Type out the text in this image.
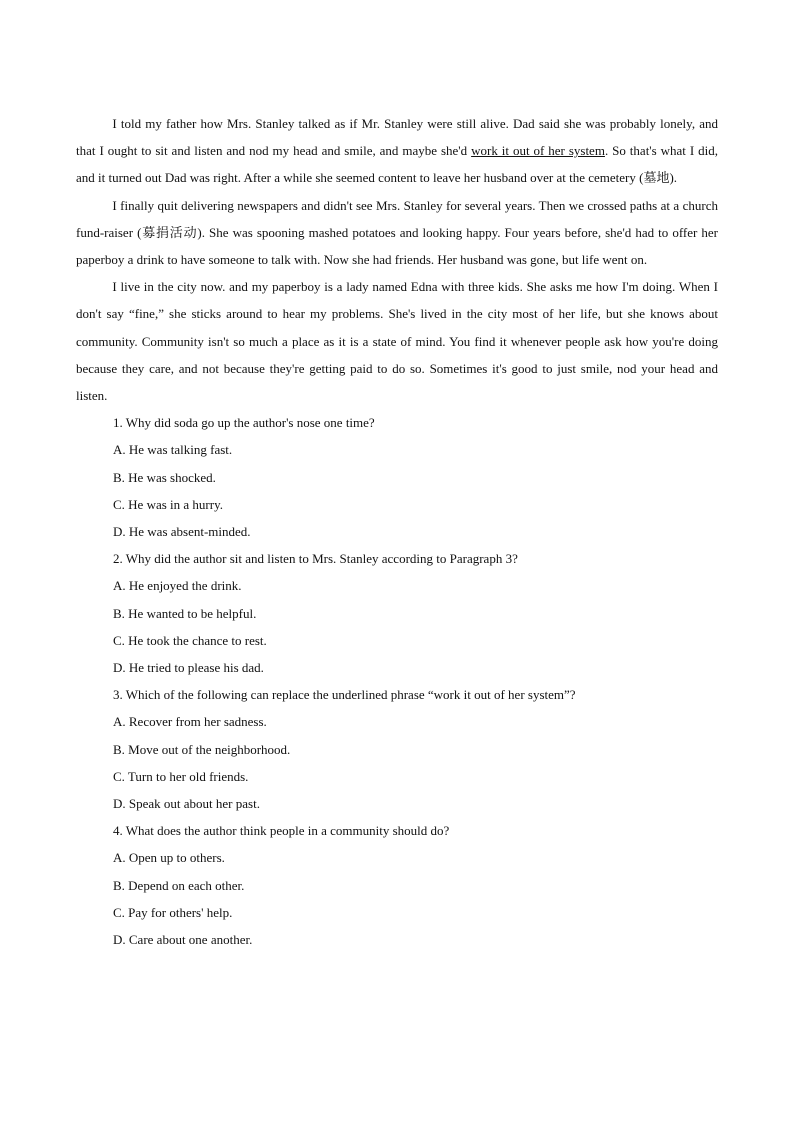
I told my father how Mrs. Stanley talked as if Mr. Stanley were still alive. Dad said she was probably lonely, and that I ought to sit and listen and nod my head and smile, and maybe she'd work it out of her system. So that's what I did, and it turned out Dad was right. After a while she seemed content to leave her husband over at the cemetery (墓地).

I finally quit delivering newspapers and didn't see Mrs. Stanley for several years. Then we crossed paths at a church fund-raiser (募捐活动). She was spooning mashed potatoes and looking happy. Four years before, she'd had to offer her paperboy a drink to have someone to talk with. Now she had friends. Her husband was gone, but life went on.

I live in the city now. and my paperboy is a lady named Edna with three kids. She asks me how I'm doing. When I don't say “fine,” she sticks around to hear my problems. She's lived in the city most of her life, but she knows about community. Community isn't so much a place as it is a state of mind. You find it whenever people ask how you're doing because they care, and not because they're getting paid to do so. Sometimes it's good to just smile, nod your head and listen.

1. Why did soda go up the author's nose one time?

A. He was talking fast.

B. He was shocked.

C. He was in a hurry.

D. He was absent-minded.

2. Why did the author sit and listen to Mrs. Stanley according to Paragraph 3?

A. He enjoyed the drink.

B. He wanted to be helpful.

C. He took the chance to rest.

D. He tried to please his dad.

3. Which of the following can replace the underlined phrase “work it out of her system”?

A. Recover from her sadness.

B. Move out of the neighborhood.

C. Turn to her old friends.

D. Speak out about her past.

4. What does the author think people in a community should do?

A. Open up to others.

B. Depend on each other.

C. Pay for others' help.

D. Care about one another.
